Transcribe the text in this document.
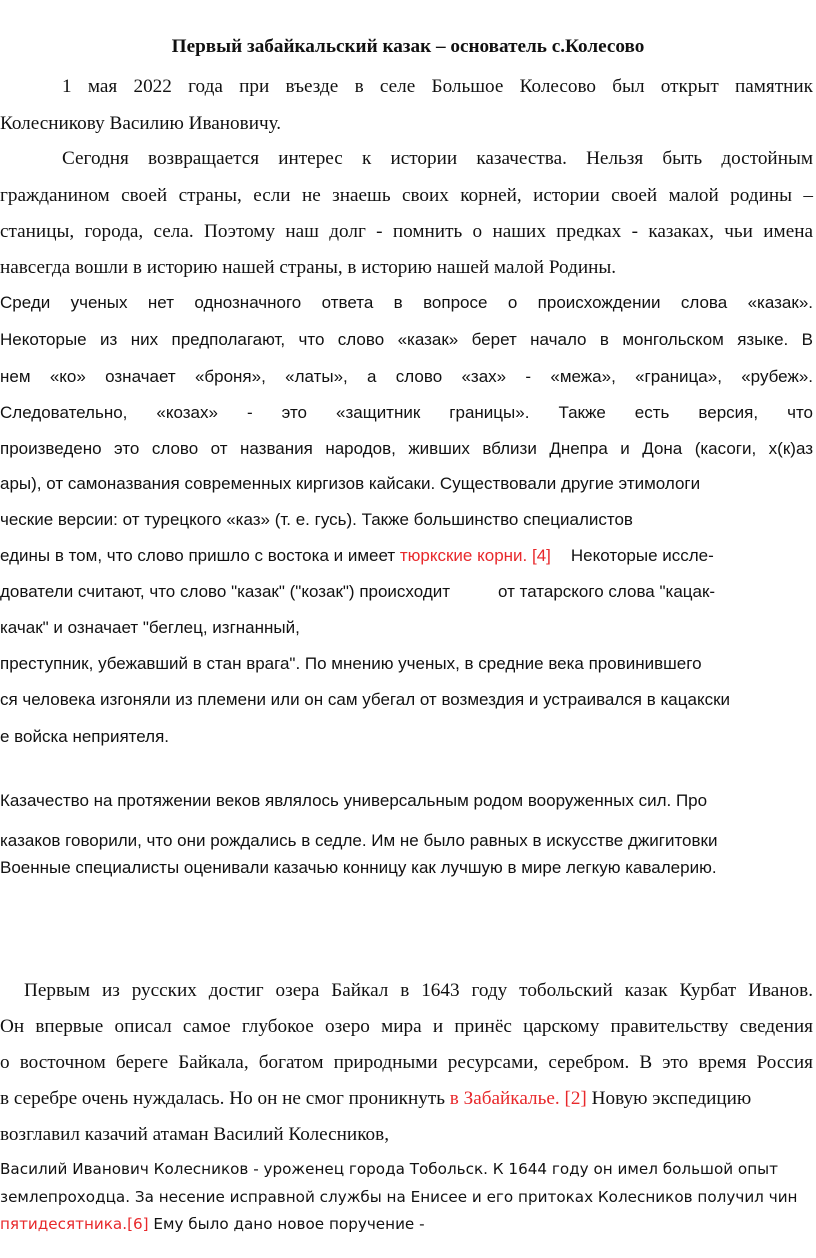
Первый забайкальский казак – основатель с.Колесово
1 мая 2022 года при въезде в селе Большое Колесово был открыт памятник
Колесникову Василию Ивановичу.
Сегодня возвращается интерес к истории казачества. Нельзя быть достойным
гражданином своей страны, если не знаешь своих корней, истории своей малой родины –
станицы, города, села. Поэтому наш долг - помнить о наших предках - казаках, чьи имена
навсегда вошли в историю нашей страны, в историю нашей малой Родины.
Среди ученых нет однозначного ответа в вопросе о происхождении слова «казак».
Некоторые из них предполагают, что слово «казак» берет начало в монгольском языке. В
нем «ко» означает «броня», «латы», а слово «зах» - «межа», «граница», «рубеж».
Следовательно, «козах» - это «защитник границы». Также есть версия, что
произведено это слово от названия народов, живших вблизи Днепра и Дона (касоги, х(к)аз
ары), от самоназвания современных киргизов кайсаки. Существовали другие этимологи
ческие версии: от турецкого «каз» (т. е. гусь). Также большинство специалистов
едины в том, что слово пришло с востока и имеет тюркские корни. [4] Некоторые иссле-
дователи считают, что слово "казак" ("козак") происходит	от татарского слова "кацак-
качак" и означает "беглец, изгнанный,
преступник, убежавший в стан врага". По мнению ученых, в средние века провинившего
ся человека изгоняли из племени или он сам убегал от возмездия и устраивался в кацакски
е войска неприятеля.
Казачество на протяжении веков являлось универсальным родом вооруженных сил. Про
казаков говорили, что они рождались в седле. Им не было равных в искусстве джигитовки
Военные специалисты оценивали казачью конницу как лучшую в мире легкую кавалерию.
Первым из русских достиг озера Байкал в 1643 году тобольский казак Курбат Иванов.
Он впервые описал самое глубокое озеро мира и принёс царскому правительству сведения
о восточном береге Байкала, богатом природными ресурсами, серебром. В это время Россия
в серебре очень нуждалась. Но он не смог проникнуть в Забайкалье. [2] Новую экспедицию
возглавил казачий атаман Василий Колесников,
Василий Иванович Колесников - уроженец города Тобольск. К 1644 году он имел большой опыт
землепроходца. За несение исправной службы на Енисее и его притоках Колесников получил чин
пятидесятника.[6] Ему было дано новое поручение -
